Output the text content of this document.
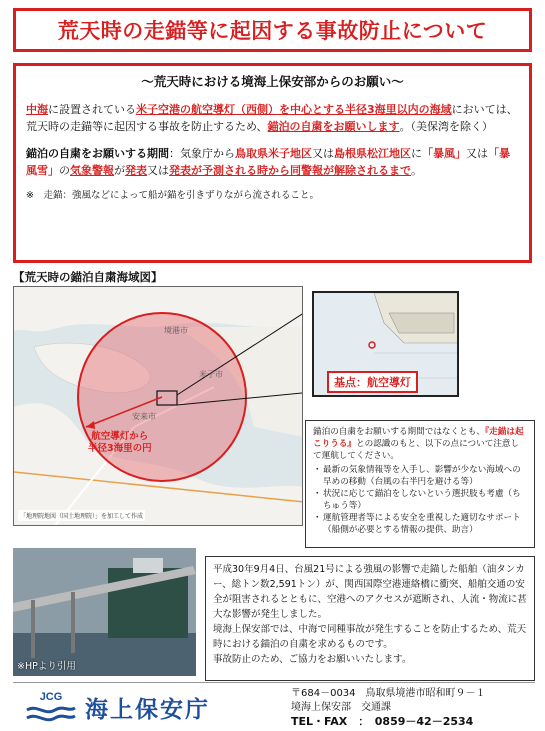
荒天時の走錨等に起因する事故防止について
～荒天時における境海上保安部からのお願い～

中海に設置されている米子空港の航空導灯（西側）を中心とする半径3海里以内の海域においては、荒天時の走錨等に起因する事故を防止するため、錨泊の自粛をお願いします。（美保湾を除く）

錨泊の自粛をお願いする期間：気象庁から鳥取県米子地区又は島根県松江地区に「暴風」又は「暴風雪」の気象警報が発表又は発表が予測される時から同警報が解除されるまで。

※　走錨：強風などによって船が錨を引きずりながら流されること。

【荒天時の錨泊自粛海域図】
境港市
米子市
安来市
航空導灯から
半径3海里の円
「地理院地図（国土地理院）」を加工して作成
基点：航空導灯
錨泊の自粛をお願いする期間ではなくとも、『走錨は起こりうる』との認識のもと、以下の点について注意して運航してください。
・ 最新の気象情報等を入手し、影響が少ない海域への早めの移動（台風の右半円を避ける等）
・ 状況に応じて錨泊をしないという選択肢も考慮（ちちゅう等）
・ 運航管理者等による安全を重視した適切なサポート（船側が必要とする情報の提供、助言）
※HPより引用
平成30年9月4日、台風21号による強風の影響で走錨した船舶（油タンカー、総トン数2,591トン）が、関西国際空港連絡橋に衝突、船舶交通の安全が阻害されるとともに、空港へのアクセスが遮断され、人流・物流に甚大な影響が発生しました。
境海上保安部では、中海で同種事故が発生することを防止するため、荒天時における錨泊の自粛を求めるものです。
事故防止のため、ご協力をお願いいたします。
JCG 海上保安庁
〒684－0034　鳥取県境港市昭和町９－１
境海上保安部　交通課
TEL・FAX　：　0859－42－2534
